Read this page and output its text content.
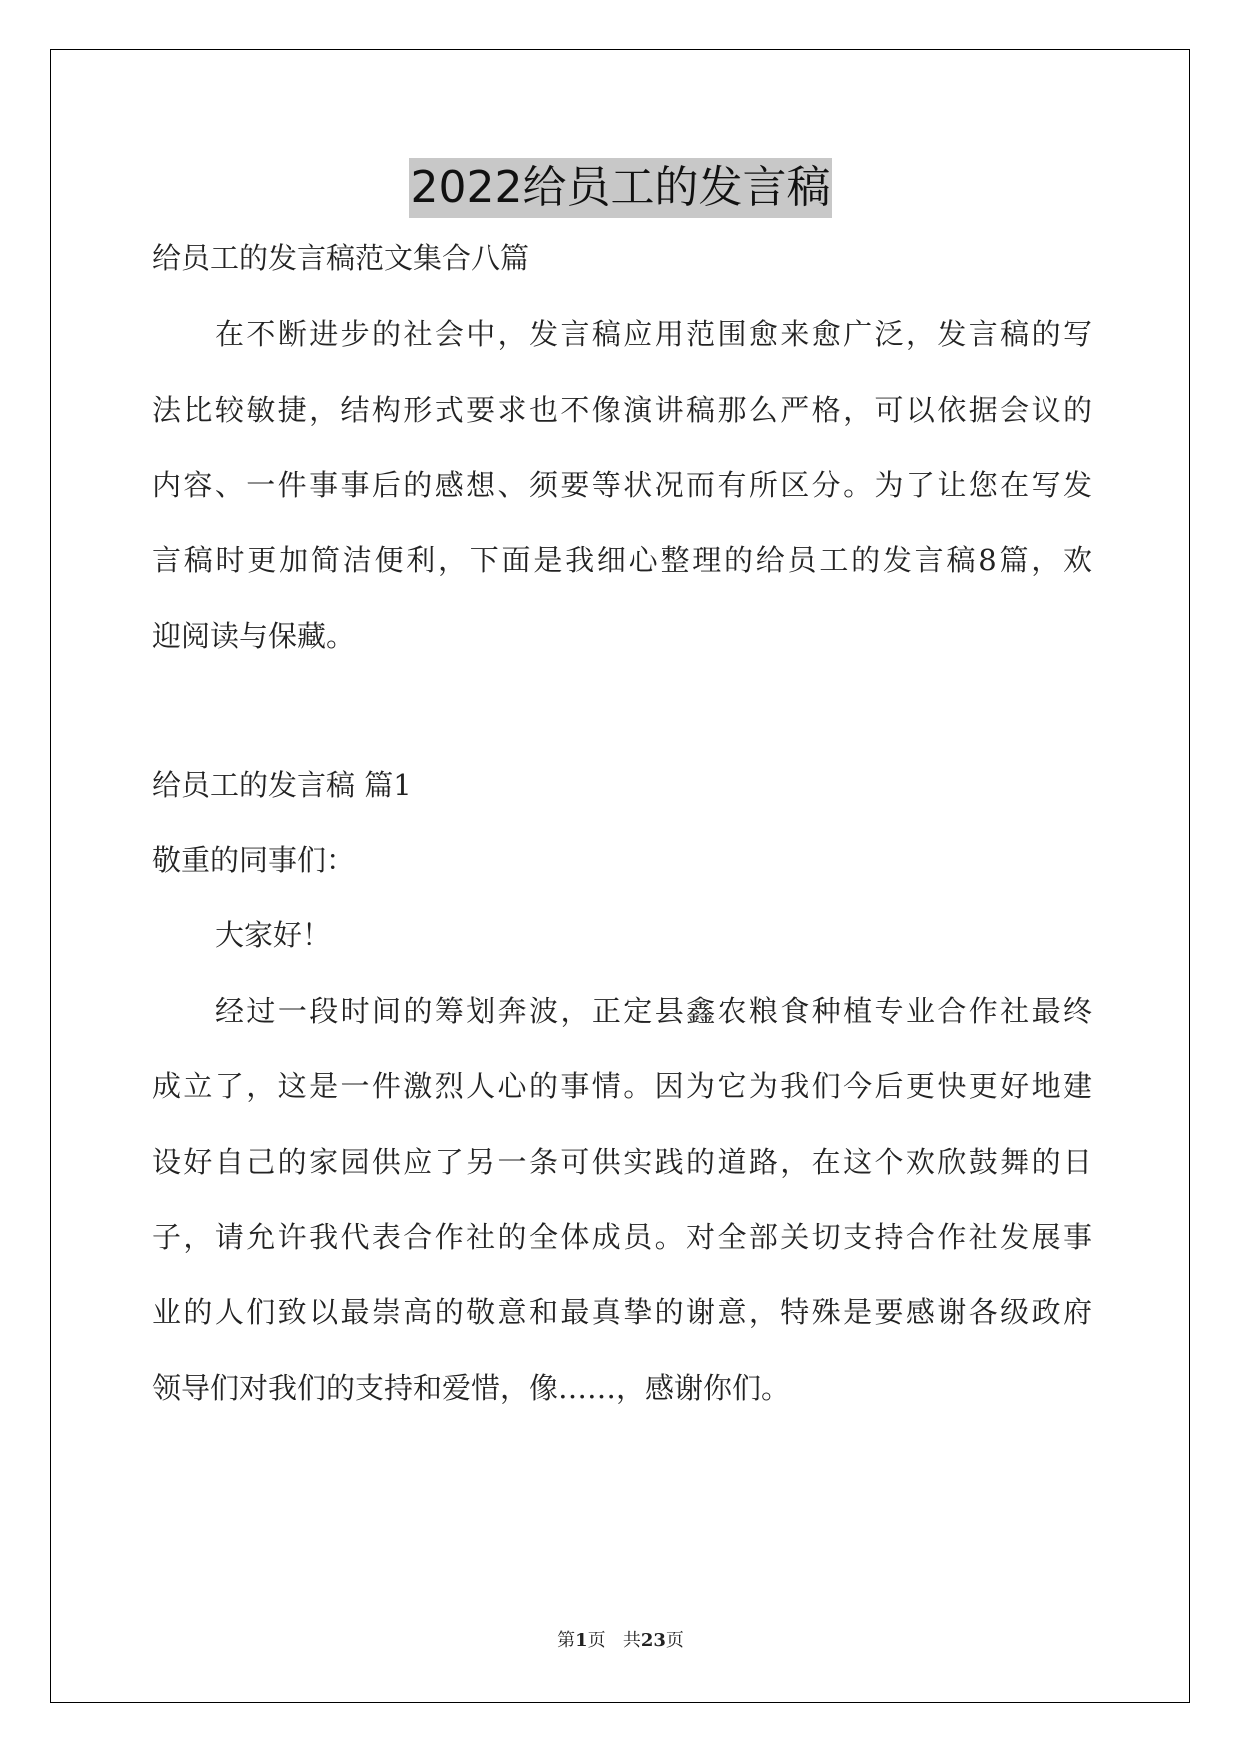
2022给员工的发言稿
给员工的发言稿范文集合八篇
在不断进步的社会中，发言稿应用范围愈来愈广泛，发言稿的写
法比较敏捷，结构形式要求也不像演讲稿那么严格，可以依据会议的
内容、一件事事后的感想、须要等状况而有所区分。为了让您在写发
言稿时更加简洁便利，下面是我细心整理的给员工的发言稿8篇，欢
迎阅读与保藏。
给员工的发言稿 篇1
敬重的同事们：
大家好！
经过一段时间的筹划奔波，正定县鑫农粮食种植专业合作社最终
成立了，这是一件激烈人心的事情。因为它为我们今后更快更好地建
设好自己的家园供应了另一条可供实践的道路，在这个欢欣鼓舞的日
子，请允许我代表合作社的全体成员。对全部关切支持合作社发展事
业的人们致以最崇高的敬意和最真挚的谢意，特殊是要感谢各级政府
领导们对我们的支持和爱惜，像……，感谢你们。
第1页 共23页
